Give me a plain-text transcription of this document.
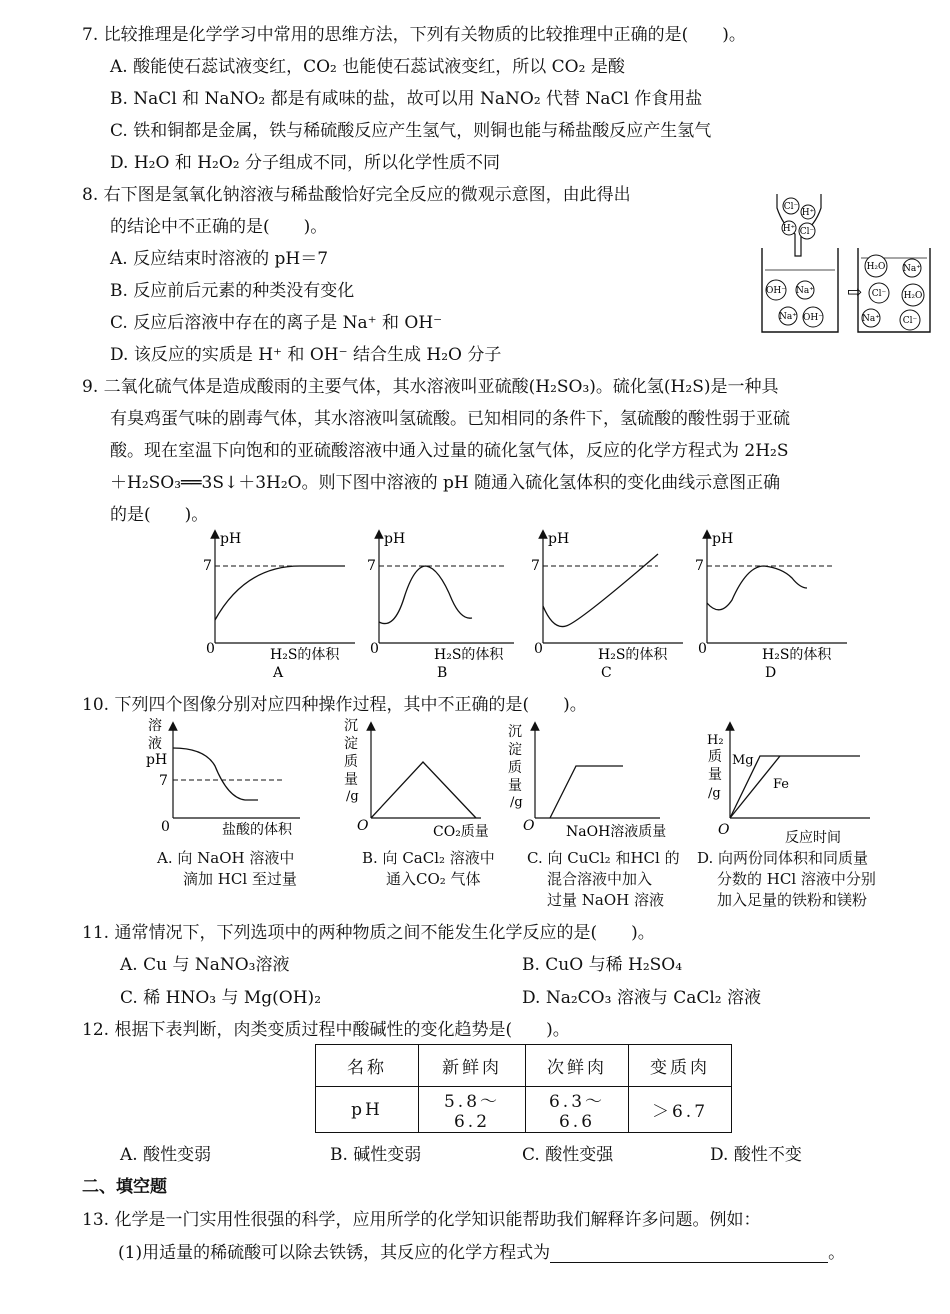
7. 比较推理是化学学习中常用的思维方法，下列有关物质的比较推理中正确的是(　　)。
A. 酸能使石蕊试液变红，CO₂ 也能使石蕊试液变红，所以 CO₂ 是酸
B. NaCl 和 NaNO₂ 都是有咸味的盐，故可以用 NaNO₂ 代替 NaCl 作食用盐
C. 铁和铜都是金属，铁与稀硫酸反应产生氢气，则铜也能与稀盐酸反应产生氢气
D. H₂O 和 H₂O₂ 分子组成不同，所以化学性质不同
8. 右下图是氢氧化钠溶液与稀盐酸恰好完全反应的微观示意图，由此得出
的结论中不正确的是(　　)。
A. 反应结束时溶液的 pH＝7
B. 反应前后元素的种类没有变化
C. 反应后溶液中存在的离子是 Na⁺ 和 OH⁻
D. 该反应的实质是 H⁺ 和 OH⁻ 结合生成 H₂O 分子
Cl⁻
H⁺
H⁺ Cl⁻
OH⁻ Na⁺
Na⁺ OH⁻
⇨
H₂O Na⁺
Cl⁻ H₂O
Na⁺	Cl⁻
9. 二氧化硫气体是造成酸雨的主要气体，其水溶液叫亚硫酸(H₂SO₃)。硫化氢(H₂S)是一种具
有臭鸡蛋气味的剧毒气体，其水溶液叫氢硫酸。已知相同的条件下，氢硫酸的酸性弱于亚硫
酸。现在室温下向饱和的亚硫酸溶液中通入过量的硫化氢气体，反应的化学方程式为 2H₂S
＋H₂SO₃══3S↓＋3H₂O。则下图中溶液的 pH 随通入硫化氢体积的变化曲线示意图正确
的是(　　)。
pH
7
0	H₂S的体积
A
pH
7
0	H₂S的体积
B
pH
7
0	H₂S的体积
C
pH
7
0	H₂S的体积
D
10. 下列四个图像分别对应四种操作过程，其中不正确的是(　　)。
溶
液
pH
7
0	盐酸的体积
沉
淀
质
量
/g
O	CO₂质量
沉
淀
质
量
/g
O NaOH溶液质量
H₂
质
量
/g
O
Mg
Fe
反应时间
A. 向 NaOH 溶液中
滴加 HCl 至过量
B. 向 CaCl₂ 溶液中
通入CO₂ 气体
C. 向 CuCl₂ 和HCl 的
混合溶液中加入
过量 NaOH 溶液
D. 向两份同体积和同质量
分数的 HCl 溶液中分别
加入足量的铁粉和镁粉
11. 通常情况下，下列选项中的两种物质之间不能发生化学反应的是(　　)。
A. Cu 与 NaNO₃溶液	B. CuO 与稀 H₂SO₄
C. 稀 HNO₃ 与 Mg(OH)₂	D. Na₂CO₃ 溶液与 CaCl₂ 溶液
12. 根据下表判断，肉类变质过程中酸碱性的变化趋势是(　　)。
名称	新鲜肉	次鲜肉	变质肉
pH	5.8～6.2	6.3～6.6	＞6.7
A. 酸性变弱	B. 碱性变弱	C. 酸性变强	D. 酸性不变
二、填空题
13. 化学是一门实用性很强的科学，应用所学的化学知识能帮助我们解释许多问题。例如：
(1)用适量的稀硫酸可以除去铁锈，其反应的化学方程式为	。
